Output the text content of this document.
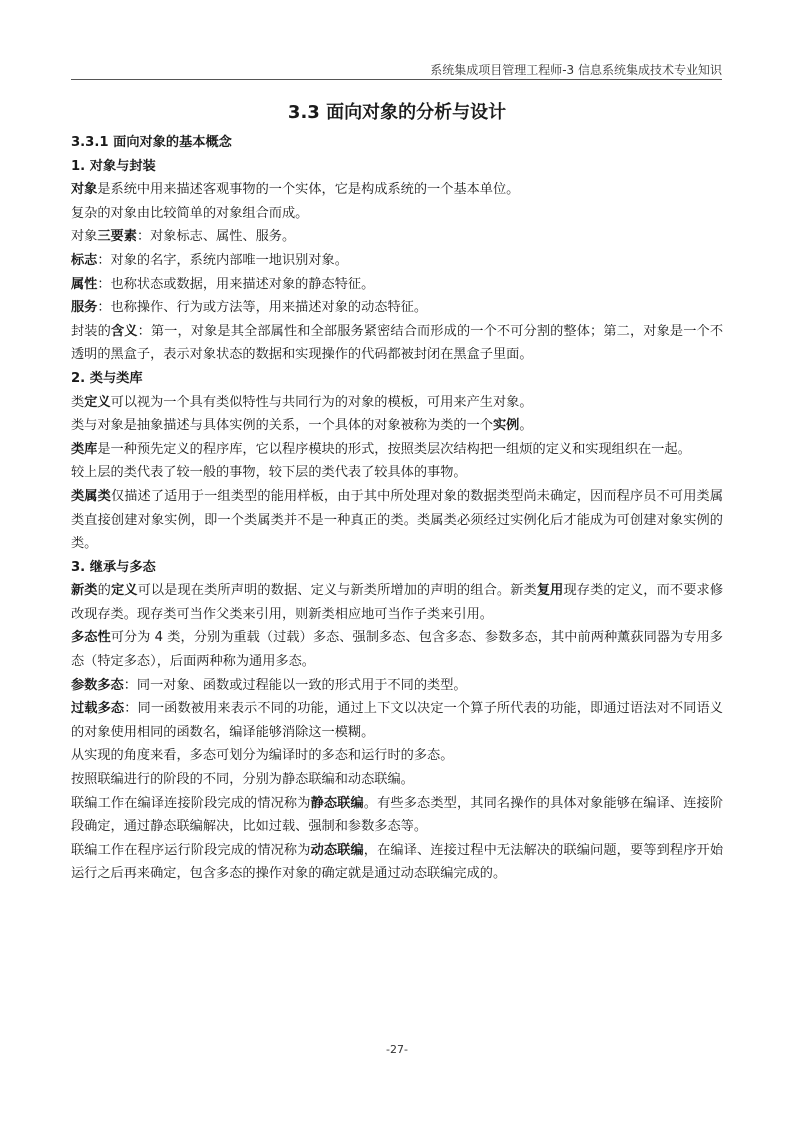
系统集成项目管理工程师-3 信息系统集成技术专业知识
3.3 面向对象的分析与设计
3.3.1 面向对象的基本概念
1. 对象与封装

对象是系统中用来描述客观事物的一个实体，它是构成系统的一个基本单位。

复杂的对象由比较简单的对象组合而成。

对象三要素：对象标志、属性、服务。

标志：对象的名字，系统内部唯一地识别对象。

属性：也称状态或数据，用来描述对象的静态特征。

服务：也称操作、行为或方法等，用来描述对象的动态特征。

封装的含义：第一，对象是其全部属性和全部服务紧密结合而形成的一个不可分割的整体；第二，对象是一个不透明的黑盒子，表示对象状态的数据和实现操作的代码都被封闭在黑盒子里面。

2. 类与类库

类定义可以视为一个具有类似特性与共同行为的对象的模板，可用来产生对象。

类与对象是抽象描述与具体实例的关系，一个具体的对象被称为类的一个实例。

类库是一种预先定义的程序库，它以程序模块的形式，按照类层次结构把一组烦的定义和实现组织在一起。

较上层的类代表了较一般的事物，较下层的类代表了较具体的事物。

类属类仅描述了适用于一组类型的能用样板，由于其中所处理对象的数据类型尚未确定，因而程序员不可用类属类直接创建对象实例，即一个类属类并不是一种真正的类。类属类必须经过实例化后才能成为可创建对象实例的类。

3. 继承与多态

新类的定义可以是现在类所声明的数据、定义与新类所增加的声明的组合。新类复用现存类的定义，而不要求修改现存类。现存类可当作父类来引用，则新类相应地可当作子类来引用。

多态性可分为 4 类，分别为重载（过载）多态、强制多态、包含多态、参数多态，其中前两种薰荻同器为专用多态（特定多态），后面两种称为通用多态。

参数多态：同一对象、函数或过程能以一致的形式用于不同的类型。

过载多态：同一函数被用来表示不同的功能，通过上下文以决定一个算子所代表的功能，即通过语法对不同语义的对象使用相同的函数名，编译能够消除这一模糊。

从实现的角度来看，多态可划分为编译时的多态和运行时的多态。

按照联编进行的阶段的不同，分别为静态联编和动态联编。

联编工作在编译连接阶段完成的情况称为静态联编。有些多态类型，其同名操作的具体对象能够在编译、连接阶段确定，通过静态联编解决，比如过载、强制和参数多态等。

联编工作在程序运行阶段完成的情况称为动态联编，在编译、连接过程中无法解决的联编问题，要等到程序开始运行之后再来确定，包含多态的操作对象的确定就是通过动态联编完成的。

-27-
